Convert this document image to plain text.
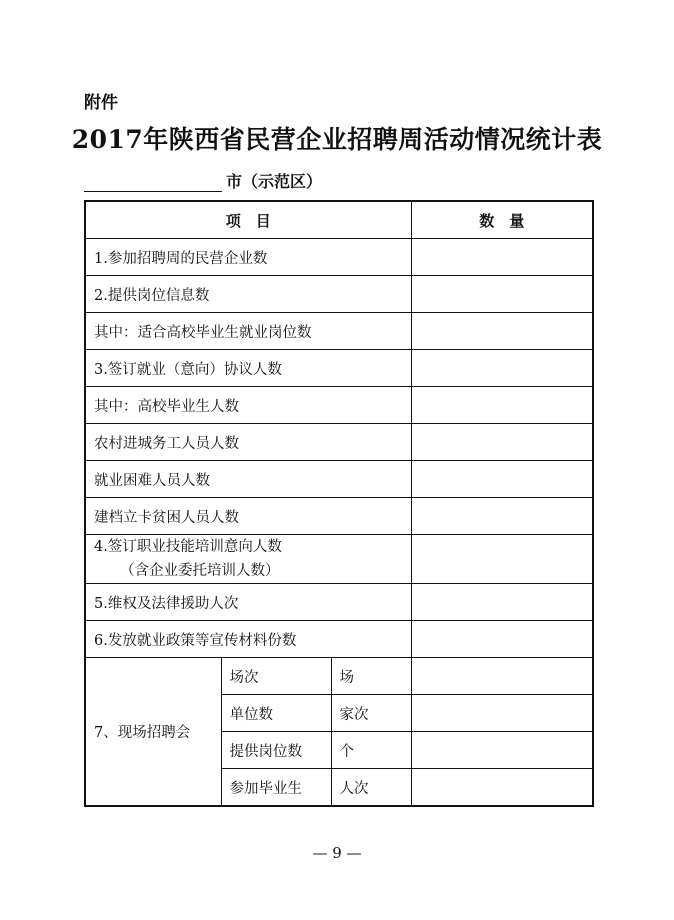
附件
2017年陕西省民营企业招聘周活动情况统计表
市（示范区）
项　目			数　量
1.参加招聘周的民营企业数			
2.提供岗位信息数			
其中：适合高校毕业生就业岗位数			
3.签订就业（意向）协议人数			
其中：高校毕业生人数			
农村进城务工人员人数			
就业困难人员人数			
建档立卡贫困人员人数			
4.签订职业技能培训意向人数
（含企业委托培训人数）			
5.维权及法律援助人次			
6.发放就业政策等宣传材料份数			
7、现场招聘会	场次	场	
	单位数	家次	
	提供岗位数	个	
	参加毕业生	人次	
— 9 —
